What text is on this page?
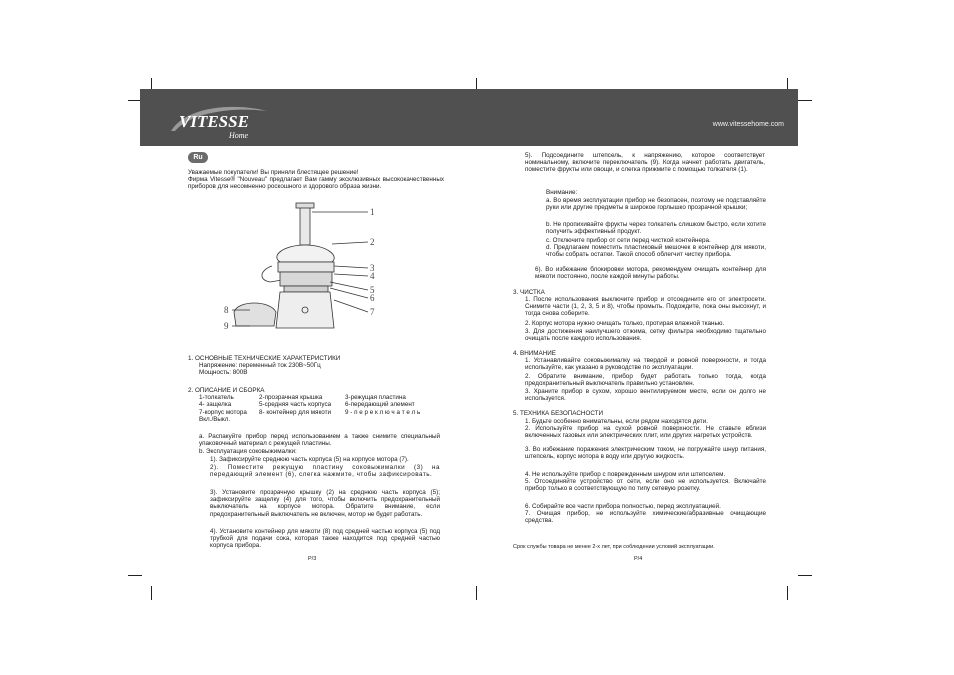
VITESSE
Home
www.vitessehome.com
Ru
Уважаемые покупатели! Вы приняли блестящее решение!
Фирма Vitesse® "Nouveau" предлагает Вам гамму эксклюзивных высококачественных приборов для несомненно роскошного и здорового образа жизни.
1
2
3
4
5
6
7
8
9
1. ОСНОВНЫЕ ТЕХНИЧЕСКИЕ ХАРАКТЕРИСТИКИ
Напряжение: переменный ток 230В~50Гц
Мощность: 800В
2. ОПИСАНИЕ И СБОРКА
1-толкатель	2-прозрачная крышка	3-режущая пластина
4- защелка	5-средняя часть корпуса 6-передающий элемент
7-корпус мотора 8- контейнер для мякоти 9 - п е р е к л ю ч а т е л ь
Вкл./Выкл.
a. Распакуйте прибор перед использованием а также снимите специальный упаковочный материал с режущей пластины.
b. Эксплуатация соковыжималки:
1). Зафиксируйте среднюю часть корпуса (5) на корпусе мотора (7).
2). Поместите режущую пластину соковыжималки (3) на передающий элемент (6), слегка нажмите, чтобы зафиксировать.
3). Установите прозрачную крышку (2) на среднюю часть корпуса (5); зафиксируйте защелку (4) для того, чтобы включить предохранительный выключатель на корпусе мотора. Обратите внимание, если предохранительный выключатель не включен, мотор не будет работать.
4). Установите контейнер для мякоти (8) под средней частью корпуса (5) под трубкой для подачи сока, которая также находится под средней частью корпуса прибора.
P/3
5). Подсоедините штепсель, к напряжению, которое соответствует номинальному, включите переключатель (9). Когда начнет работать двигатель, поместите фрукты или овощи, и слегка прижмите с помощью толкателя (1).
Внимание:
a. Во время эксплуатации прибор не безопасен, поэтому не подставляйте руки или другие предметы в широкое горлышко прозрачной крышки;
b. Не пропихивайте фрукты через толкатель слишком быстро, если хотите получить эффективный продукт.
c. Отключите прибор от сети перед чисткой контейнера.
d. Предлагаем поместить пластиковый мешочек в контейнер для мякоти, чтобы собрать остатки. Такой способ облегчит чистку прибора.
6). Во избежание блокировки мотора, рекомендуем очищать контейнер для мякоти постоянно, после каждой минуты работы.
3. ЧИСТКА
1. После использования выключите прибор и отсоедините его от электросети. Снимите части (1, 2, 3, 5 и 8), чтобы промыть. Подождите, пока оны высохнут, и тогда снова соберите.
2. Корпус мотора нужно очищать только, протирая влажной тканью.
3. Для достижения наилучшего отжима, сетку фильтра необходимо тщательно очищать после каждого использования.
4. ВНИМАНИЕ
1. Устанавливайте соковыжималку на твердой и ровной поверхности, и тогда используйте, как указано в руководстве по эксплуатации.
2. Обратите внимание, прибор будет работать только тогда, когда предохранительный выключатель правильно установлен.
3. Храните прибор в сухом, хорошо вентилируемом месте, если он долго не используется.
5. ТЕХНИКА БЕЗОПАСНОСТИ
1. Будьте особенно внимательны, если рядом находятся дети.
2. Используйте прибор на сухой ровной поверхности. Не ставьте вблизи включенных газовых или электрических плит, или других нагретых устройств.
3. Во избежание поражения электрическим током, не погружайте шнур питания, штепсель, корпус мотора в воду или другую жидкость.
4. Не используйте прибор с поврежденным шнуром или штепселем.
5. Отсоединяйте устройство от сети, если оно не используется. Включайте прибор только в соответствующую по типу сетевую розетку.
6. Собирайте все части прибора полностью, перед эксплуатацией.
7. Очищая прибор, не используйте химические/абразивные очищающие средства.
Срок службы товара не менее 2-х лет, при соблюдении условий эксплуатации.
P/4
